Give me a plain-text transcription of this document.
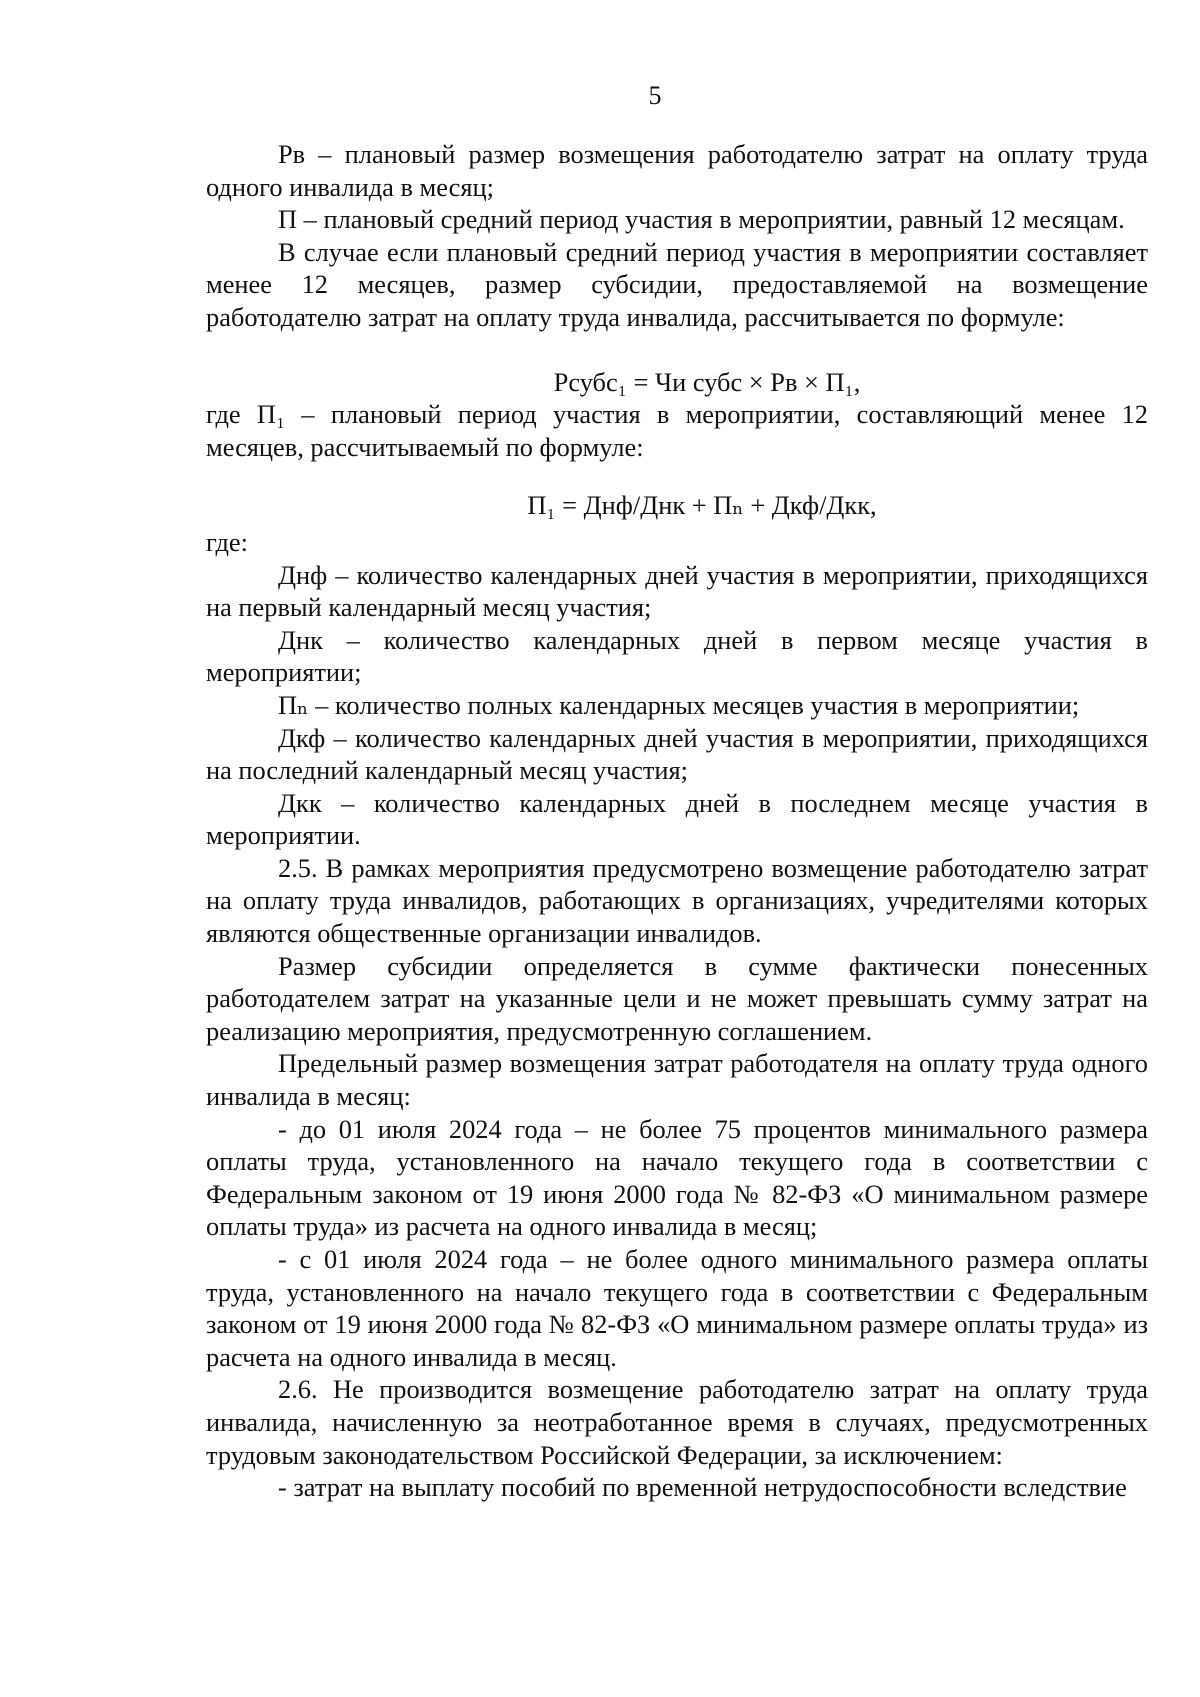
5

Рв – плановый размер возмещения работодателю затрат на оплату труда одного инвалида в месяц;

П – плановый средний период участия в мероприятии, равный 12 месяцам.

В случае если плановый средний период участия в мероприятии составляет менее 12 месяцев, размер субсидии, предоставляемой на возмещение работодателю затрат на оплату труда инвалида, рассчитывается по формуле:

Рсубс₁ = Чи субс × Рв × П₁,

где П₁ – плановый период участия в мероприятии, составляющий менее 12 месяцев, рассчитываемый по формуле:

П₁ = Днф/Днк + Пₙ + Дкф/Дкк,

где:

Днф – количество календарных дней участия в мероприятии, приходящихся на первый календарный месяц участия;

Днк – количество календарных дней в первом месяце участия в мероприятии;

Пₙ – количество полных календарных месяцев участия в мероприятии;

Дкф – количество календарных дней участия в мероприятии, приходящихся на последний календарный месяц участия;

Дкк – количество календарных дней в последнем месяце участия в мероприятии.

2.5. В рамках мероприятия предусмотрено возмещение работодателю затрат на оплату труда инвалидов, работающих в организациях, учредителями которых являются общественные организации инвалидов.

Размер субсидии определяется в сумме фактически понесенных работодателем затрат на указанные цели и не может превышать сумму затрат на реализацию мероприятия, предусмотренную соглашением.

Предельный размер возмещения затрат работодателя на оплату труда одного инвалида в месяц:

- до 01 июля 2024 года – не более 75 процентов минимального размера оплаты труда, установленного на начало текущего года в соответствии с Федеральным законом от 19 июня 2000 года № 82-ФЗ «О минимальном размере оплаты труда» из расчета на одного инвалида в месяц;

- с 01 июля 2024 года – не более одного минимального размера оплаты труда, установленного на начало текущего года в соответствии с Федеральным законом от 19 июня 2000 года № 82-ФЗ «О минимальном размере оплаты труда» из расчета на одного инвалида в месяц.

2.6. Не производится возмещение работодателю затрат на оплату труда инвалида, начисленную за неотработанное время в случаях, предусмотренных трудовым законодательством Российской Федерации, за исключением:

- затрат на выплату пособий по временной нетрудоспособности вследствие
